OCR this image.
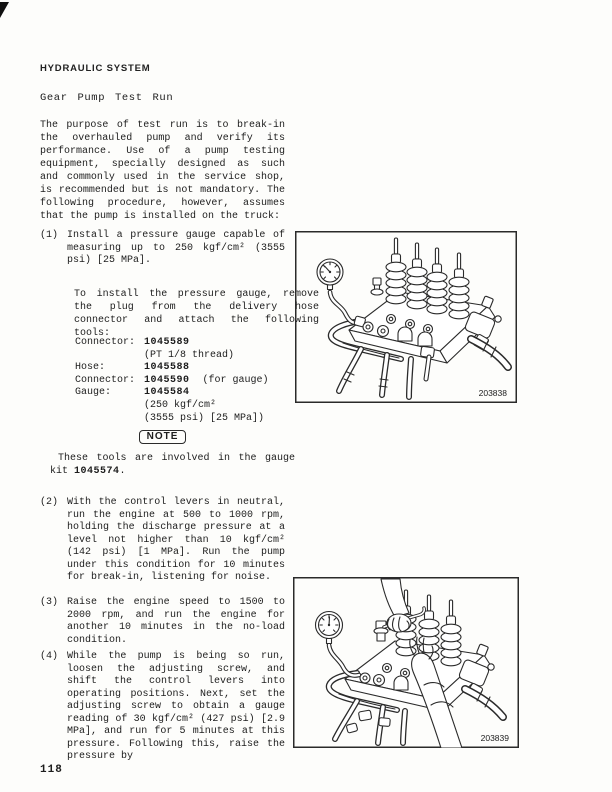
HYDRAULIC SYSTEM
Gear Pump Test Run
The purpose of test run is to break-in the overhauled pump and verify its performance. Use of a pump testing equipment, specially designed as such and commonly used in the service shop, is recommended but is not mandatory. The following procedure, however, assumes that the pump is installed on the truck:
(1) Install a pressure gauge capable of measuring up to 250 kgf/cm² (3555 psi) [25 MPa].
To install the pressure gauge, remove the plug from the delivery hose connector and attach the following tools:
Connector: 1045589
(PT 1/8 thread)
Hose:	1045588
Connector: 1045590 (for gauge)
Gauge:	1045584
(250 kgf/cm²
(3555 psi) [25 MPa])
NOTE
These tools are involved in the gauge kit 1045574.
(2) With the control levers in neutral, run the engine at 500 to 1000 rpm, holding the discharge pressure at a level not higher than 10 kgf/cm² (142 psi) [1 MPa]. Run the pump under this condition for 10 minutes for break-in, listening for noise.
(3) Raise the engine speed to 1500 to 2000 rpm, and run the engine for another 10 minutes in the no-load condition.
(4) While the pump is being so run, loosen the adjusting screw, and shift the control levers into operating positions. Next, set the adjusting screw to obtain a gauge reading of 30 kgf/cm² (427 psi) [2.9 MPa], and run for 5 minutes at this pressure. Following this, raise the pressure by
203838
203839
118
